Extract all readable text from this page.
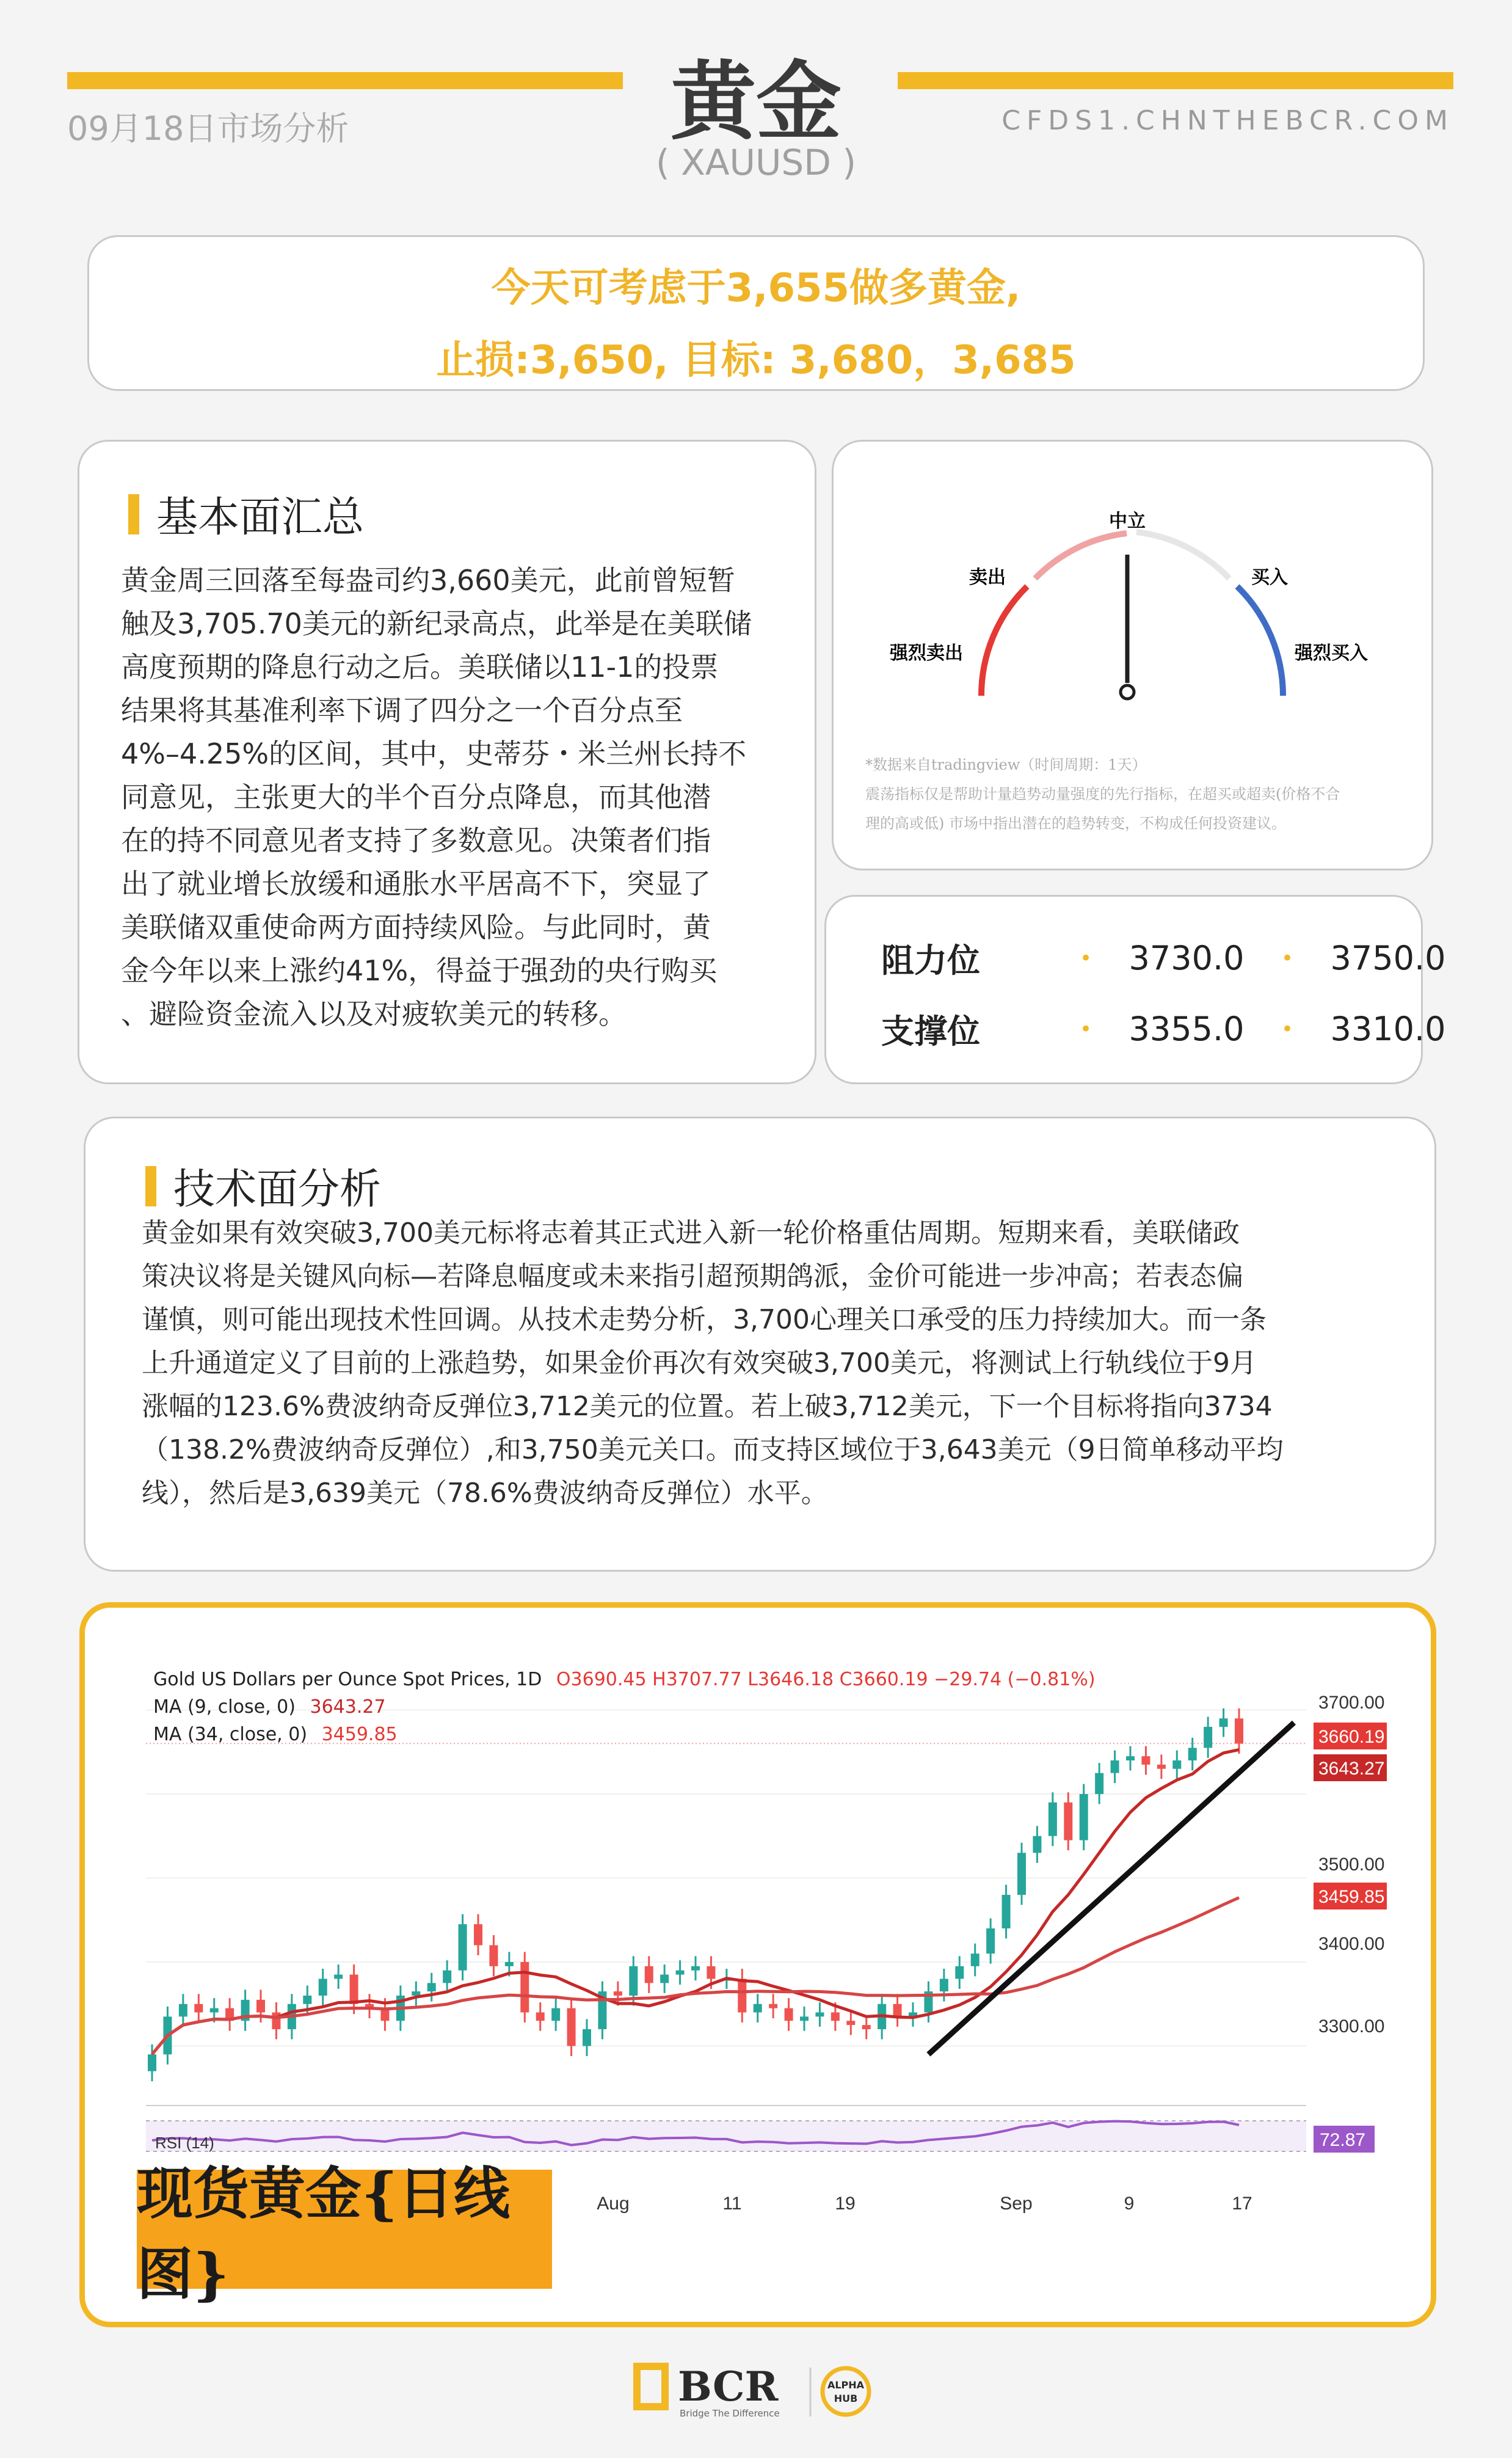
09月18日市场分析	CFDS1.CHNTHEBCR.COM
黄金
( XAUUSD )
今天可考虑于3,655做多黄金,
止损:3,650, 目标: 3,680，3,685
基本面汇总
黄金周三回落至每盎司约3,660美元，此前曾短暂
触及3,705.70美元的新纪录高点，此举是在美联储
高度预期的降息行动之后。美联储以11-1的投票
结果将其基准利率下调了四分之一个百分点至
4%–4.25%的区间，其中，史蒂芬・米兰州长持不
同意见，主张更大的半个百分点降息，而其他潜
在的持不同意见者支持了多数意见。决策者们指
出了就业增长放缓和通胀水平居高不下，突显了
美联储双重使命两方面持续风险。与此同时，黄
金今年以来上涨约41%，得益于强劲的央行购买
、避险资金流入以及对疲软美元的转移。
中立
卖出	买入
强烈卖出	强烈买入
*数据来自tradingview（时间周期：1天）
震荡指标仅是帮助计量趋势动量强度的先行指标，在超买或超卖(价格不合
理的高或低) 市场中指出潜在的趋势转变，不构成任何投资建议。
阻力位	•	3730.0	•	3750.0
支撑位	•	3355.0	•	3310.0
技术面分析
黄金如果有效突破3,700美元标将志着其正式进入新一轮价格重估周期。短期来看，美联储政
策决议将是关键风向标—若降息幅度或未来指引超预期鸽派，金价可能进一步冲高；若表态偏
谨慎，则可能出现技术性回调。从技术走势分析，3,700心理关口承受的压力持续加大。而一条
上升通道定义了目前的上涨趋势，如果金价再次有效突破3,700美元，将测试上行轨线位于9月
涨幅的123.6%费波纳奇反弹位3,712美元的位置。若上破3,712美元，下一个目标将指向3734
（138.2%费波纳奇反弹位）,和3,750美元关口。而支持区域位于3,643美元（9日简单移动平均
线），然后是3,639美元（78.6%费波纳奇反弹位）水平。
3700.00
3500.00
3400.00
3300.00
3660.19
3643.27
3459.85
72.87
Aug	11	19	Sep	9	17
RSI (14)
Gold US Dollars per Ounce Spot Prices, 1D O3690.45 H3707.77 L3646.18 C3660.19 −29.74 (−0.81%)
MA (9, close, 0) 3643.27
MA (34, close, 0) 3459.85
现货黄金{日线图}
BCR
Bridge The Difference
ALPHA
HUB
